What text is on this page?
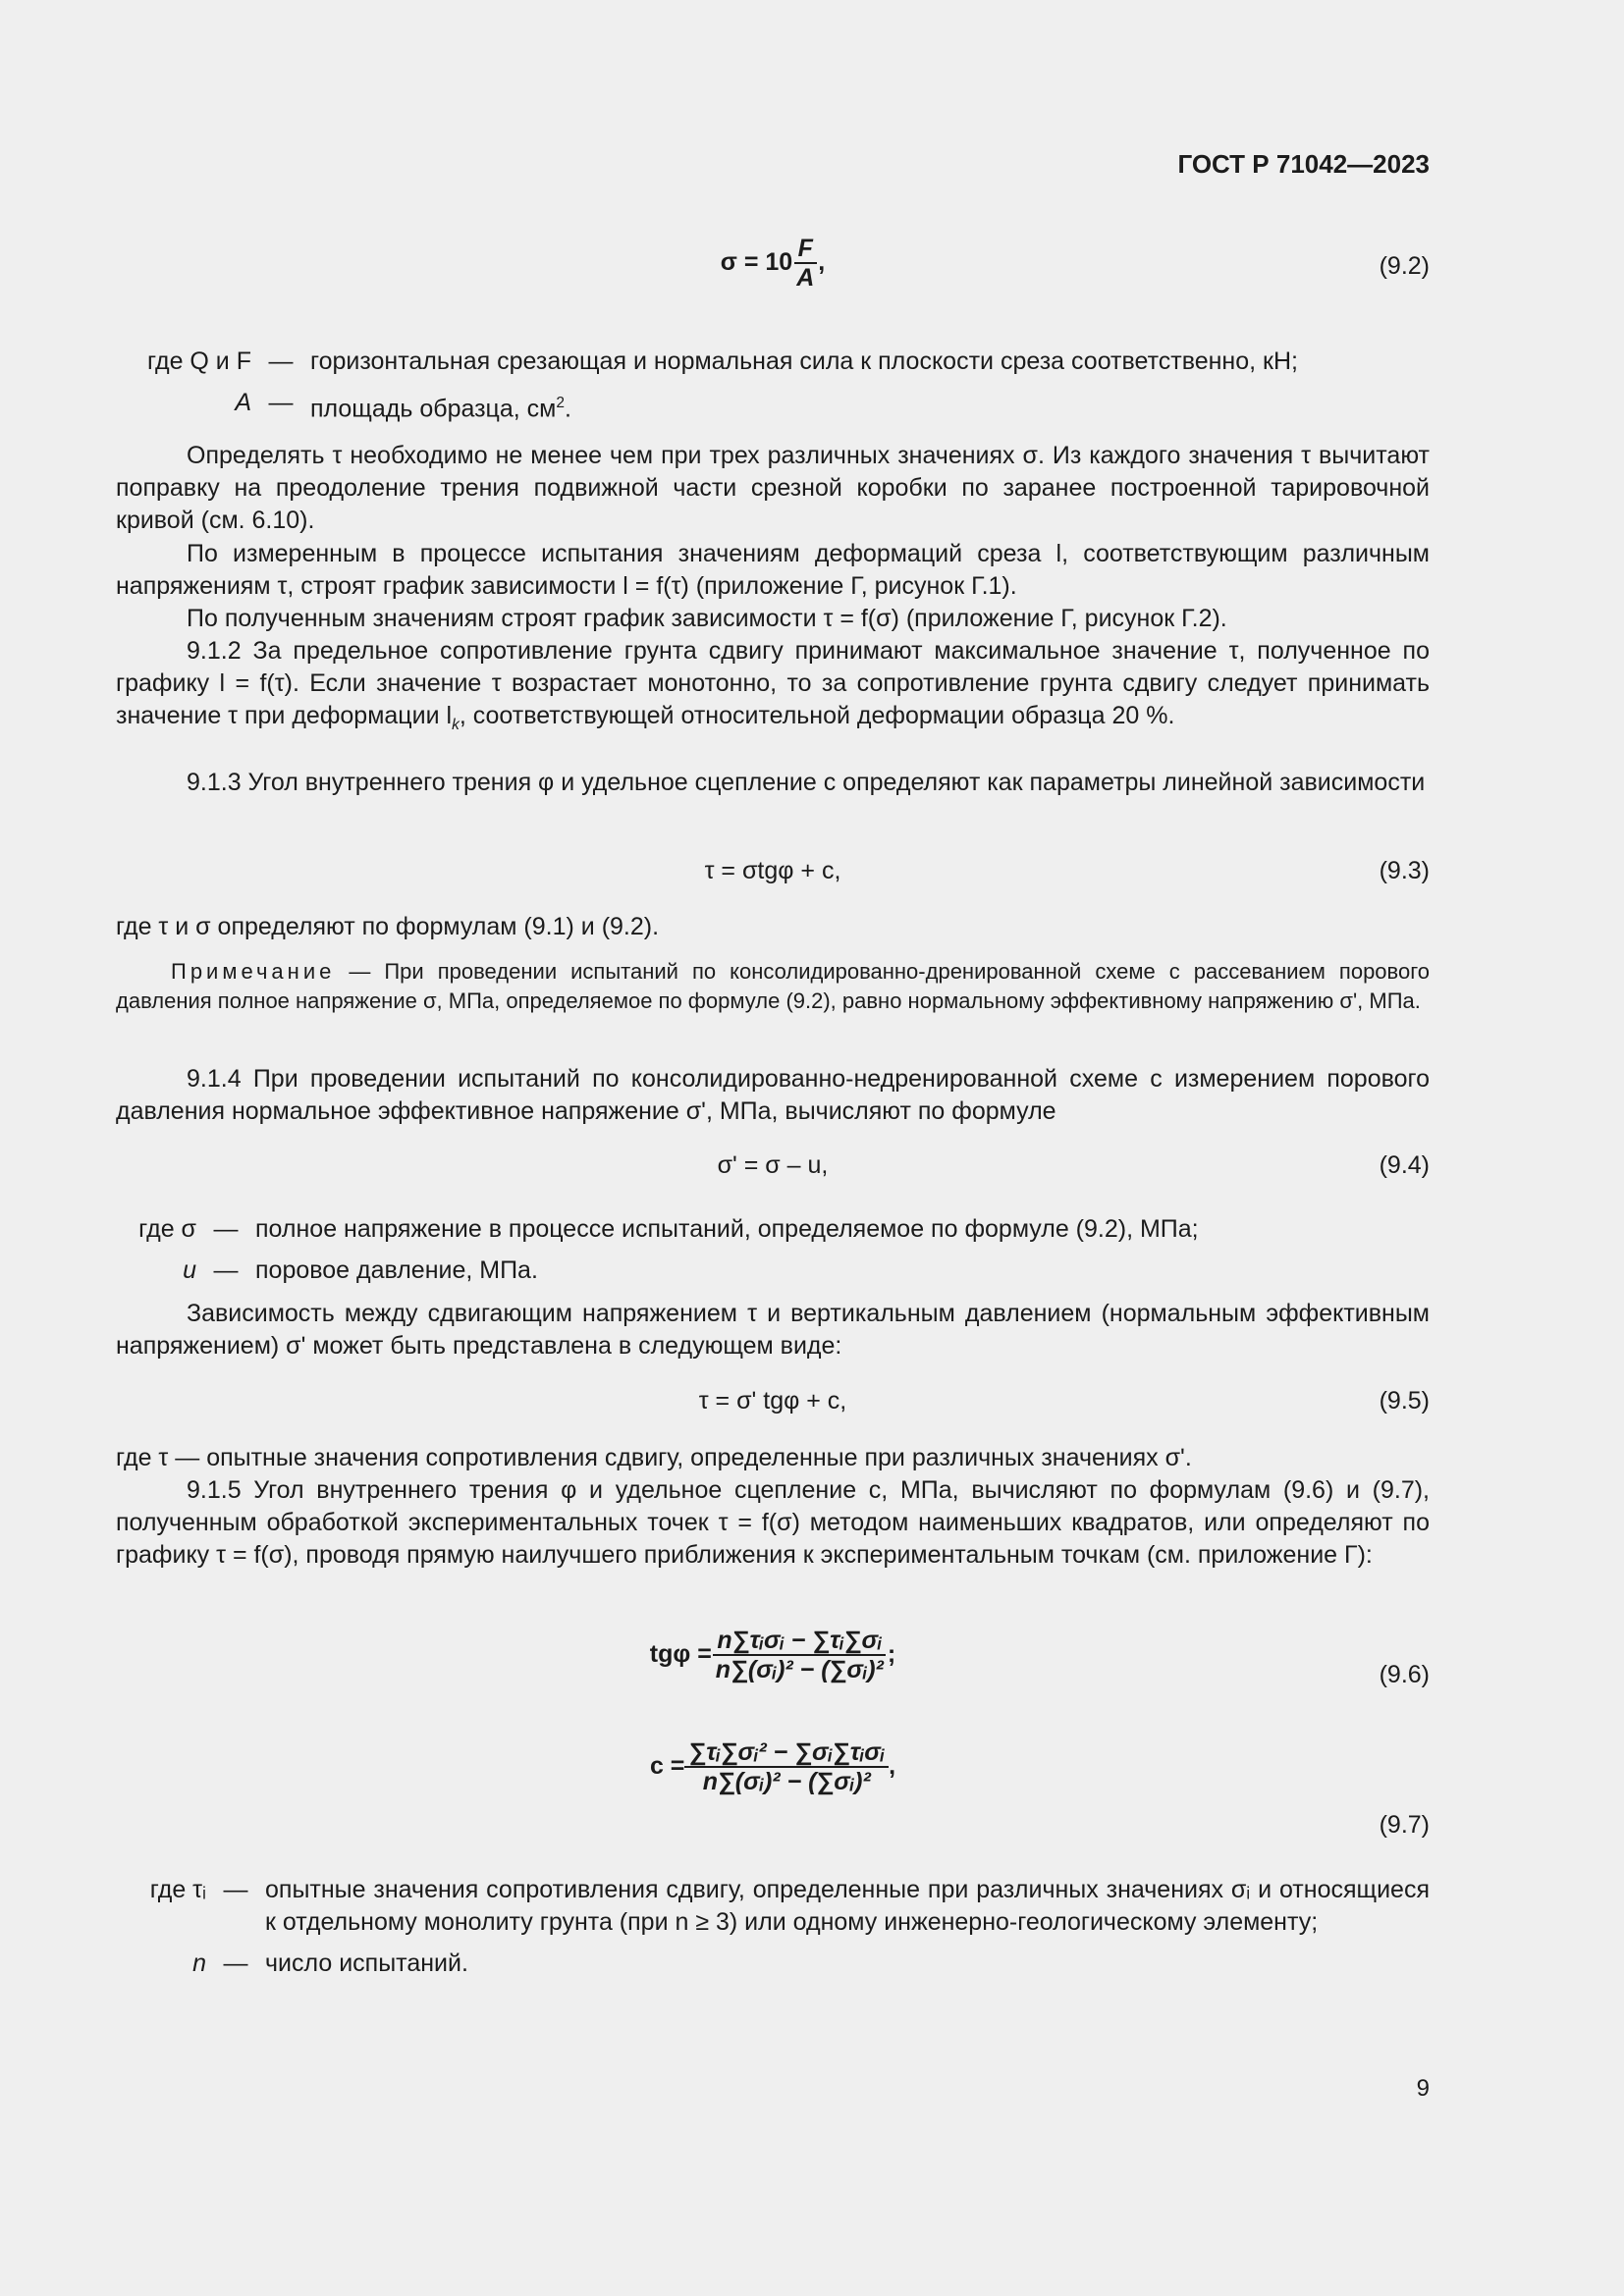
ГОСТ Р 71042—2023
$\sigma = 10 \frac{F}{A}$ ,	(9.2)
где Q и F — горизонтальная срезающая и нормальная сила к плоскости среза соответственно, кН;
A — площадь образца, $см^2$.
Определять τ необходимо не менее чем при трех различных значениях σ. Из каждого значения τ вычитают поправку на преодоление трения подвижной части срезной коробки по заранее построенной тарировочной кривой (см. 6.10).
По измеренным в процессе испытания значениям деформаций среза l, соответствующим различным напряжениям τ, строят график зависимости l = f(τ) (приложение Г, рисунок Г.1).
По полученным значениям строят график зависимости τ = f(σ) (приложение Г, рисунок Г.2).
9.1.2 За предельное сопротивление грунта сдвигу принимают максимальное значение τ, полученное по графику l = f(τ). Если значение τ возрастает монотонно, то за сопротивление грунта сдвигу следует принимать значение τ при деформации $l_k$, соответствующей относительной деформации образца 20 %.
9.1.3 Угол внутреннего трения φ и удельное сцепление c определяют как параметры линейной зависимости
τ = σtgφ + c,	(9.3)
где τ и σ определяют по формулам (9.1) и (9.2).
Примечание — При проведении испытаний по консолидированно-дренированной схеме с рассеванием порового давления полное напряжение σ, МПа, определяемое по формуле (9.2), равно нормальному эффективному напряжению σʹ, МПа.
9.1.4 При проведении испытаний по консолидированно-недренированной схеме с измерением порового давления нормальное эффективное напряжение σʹ, МПа, вычисляют по формуле
σʹ = σ – u,	(9.4)
где σ — полное напряжение в процессе испытаний, определяемое по формуле (9.2), МПа;
u — поровое давление, МПа.
Зависимость между сдвигающим напряжением τ и вертикальным давлением (нормальным эффективным напряжением) σʹ может быть представлена в следующем виде:
τ = σʹ tgφ + c,	(9.5)
где τ — опытные значения сопротивления сдвигу, определенные при различных значениях σʹ.
9.1.5 Угол внутреннего трения φ и удельное сцепление c, МПа, вычисляют по формулам (9.6) и (9.7), полученным обработкой экспериментальных точек τ = f(σ) методом наименьших квадратов, или определяют по графику τ = f(σ), проводя прямую наилучшего приближения к экспериментальным точкам (см. приложение Г):
$tg\varphi = \frac{\text{n∑τᵢσᵢ − ∑τᵢ∑σᵢ}}{\text{n∑(σᵢ)² − (∑σᵢ)²}}$ ;
(9.6)
$c = \frac{\text{∑τᵢ∑σᵢ² − ∑σᵢ∑τᵢσᵢ}}{\text{n∑(σᵢ)² − (∑σᵢ)²}}$ ,
(9.7)
где τᵢ — опытные значения сопротивления сдвигу, определенные при различных значениях σᵢ и относящиеся к отдельному монолиту грунта (при n ≥ 3) или одному инженерно-геологическому элементу;
n — число испытаний.
9
